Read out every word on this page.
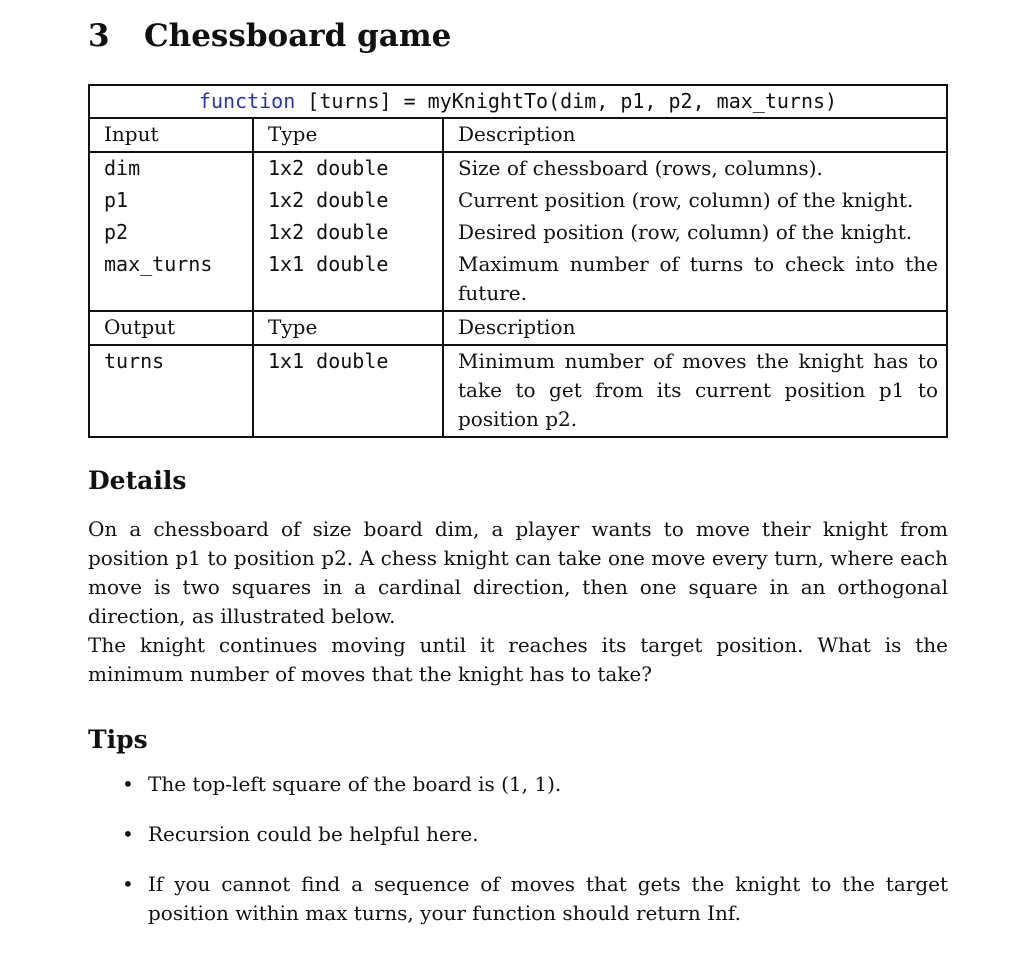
3 Chessboard game
function [turns] = myKnightTo(dim, p1, p2, max_turns)		
Input	Type	Description
dim	1x2 double	Size of chessboard (rows, columns).
p1	1x2 double	Current position (row, column) of the knight.
p2	1x2 double	Desired position (row, column) of the knight.
max_turns	1x1 double	Maximum number of turns to check into the future.
Output	Type	Description
turns	1x1 double	Minimum number of moves the knight has to take to get from its current position p1 to position p2.
Details

On a chessboard of size board dim, a player wants to move their knight from position p1 to position p2. A chess knight can take one move every turn, where each move is two squares in a cardinal direction, then one square in an orthogonal direction, as illustrated below.

The knight continues moving until it reaches its target position. What is the minimum number of moves that the knight has to take?

Tips
• The top-left square of the board is (1, 1).
• Recursion could be helpful here.
• If you cannot find a sequence of moves that gets the knight to the target position within max turns, your function should return Inf.
